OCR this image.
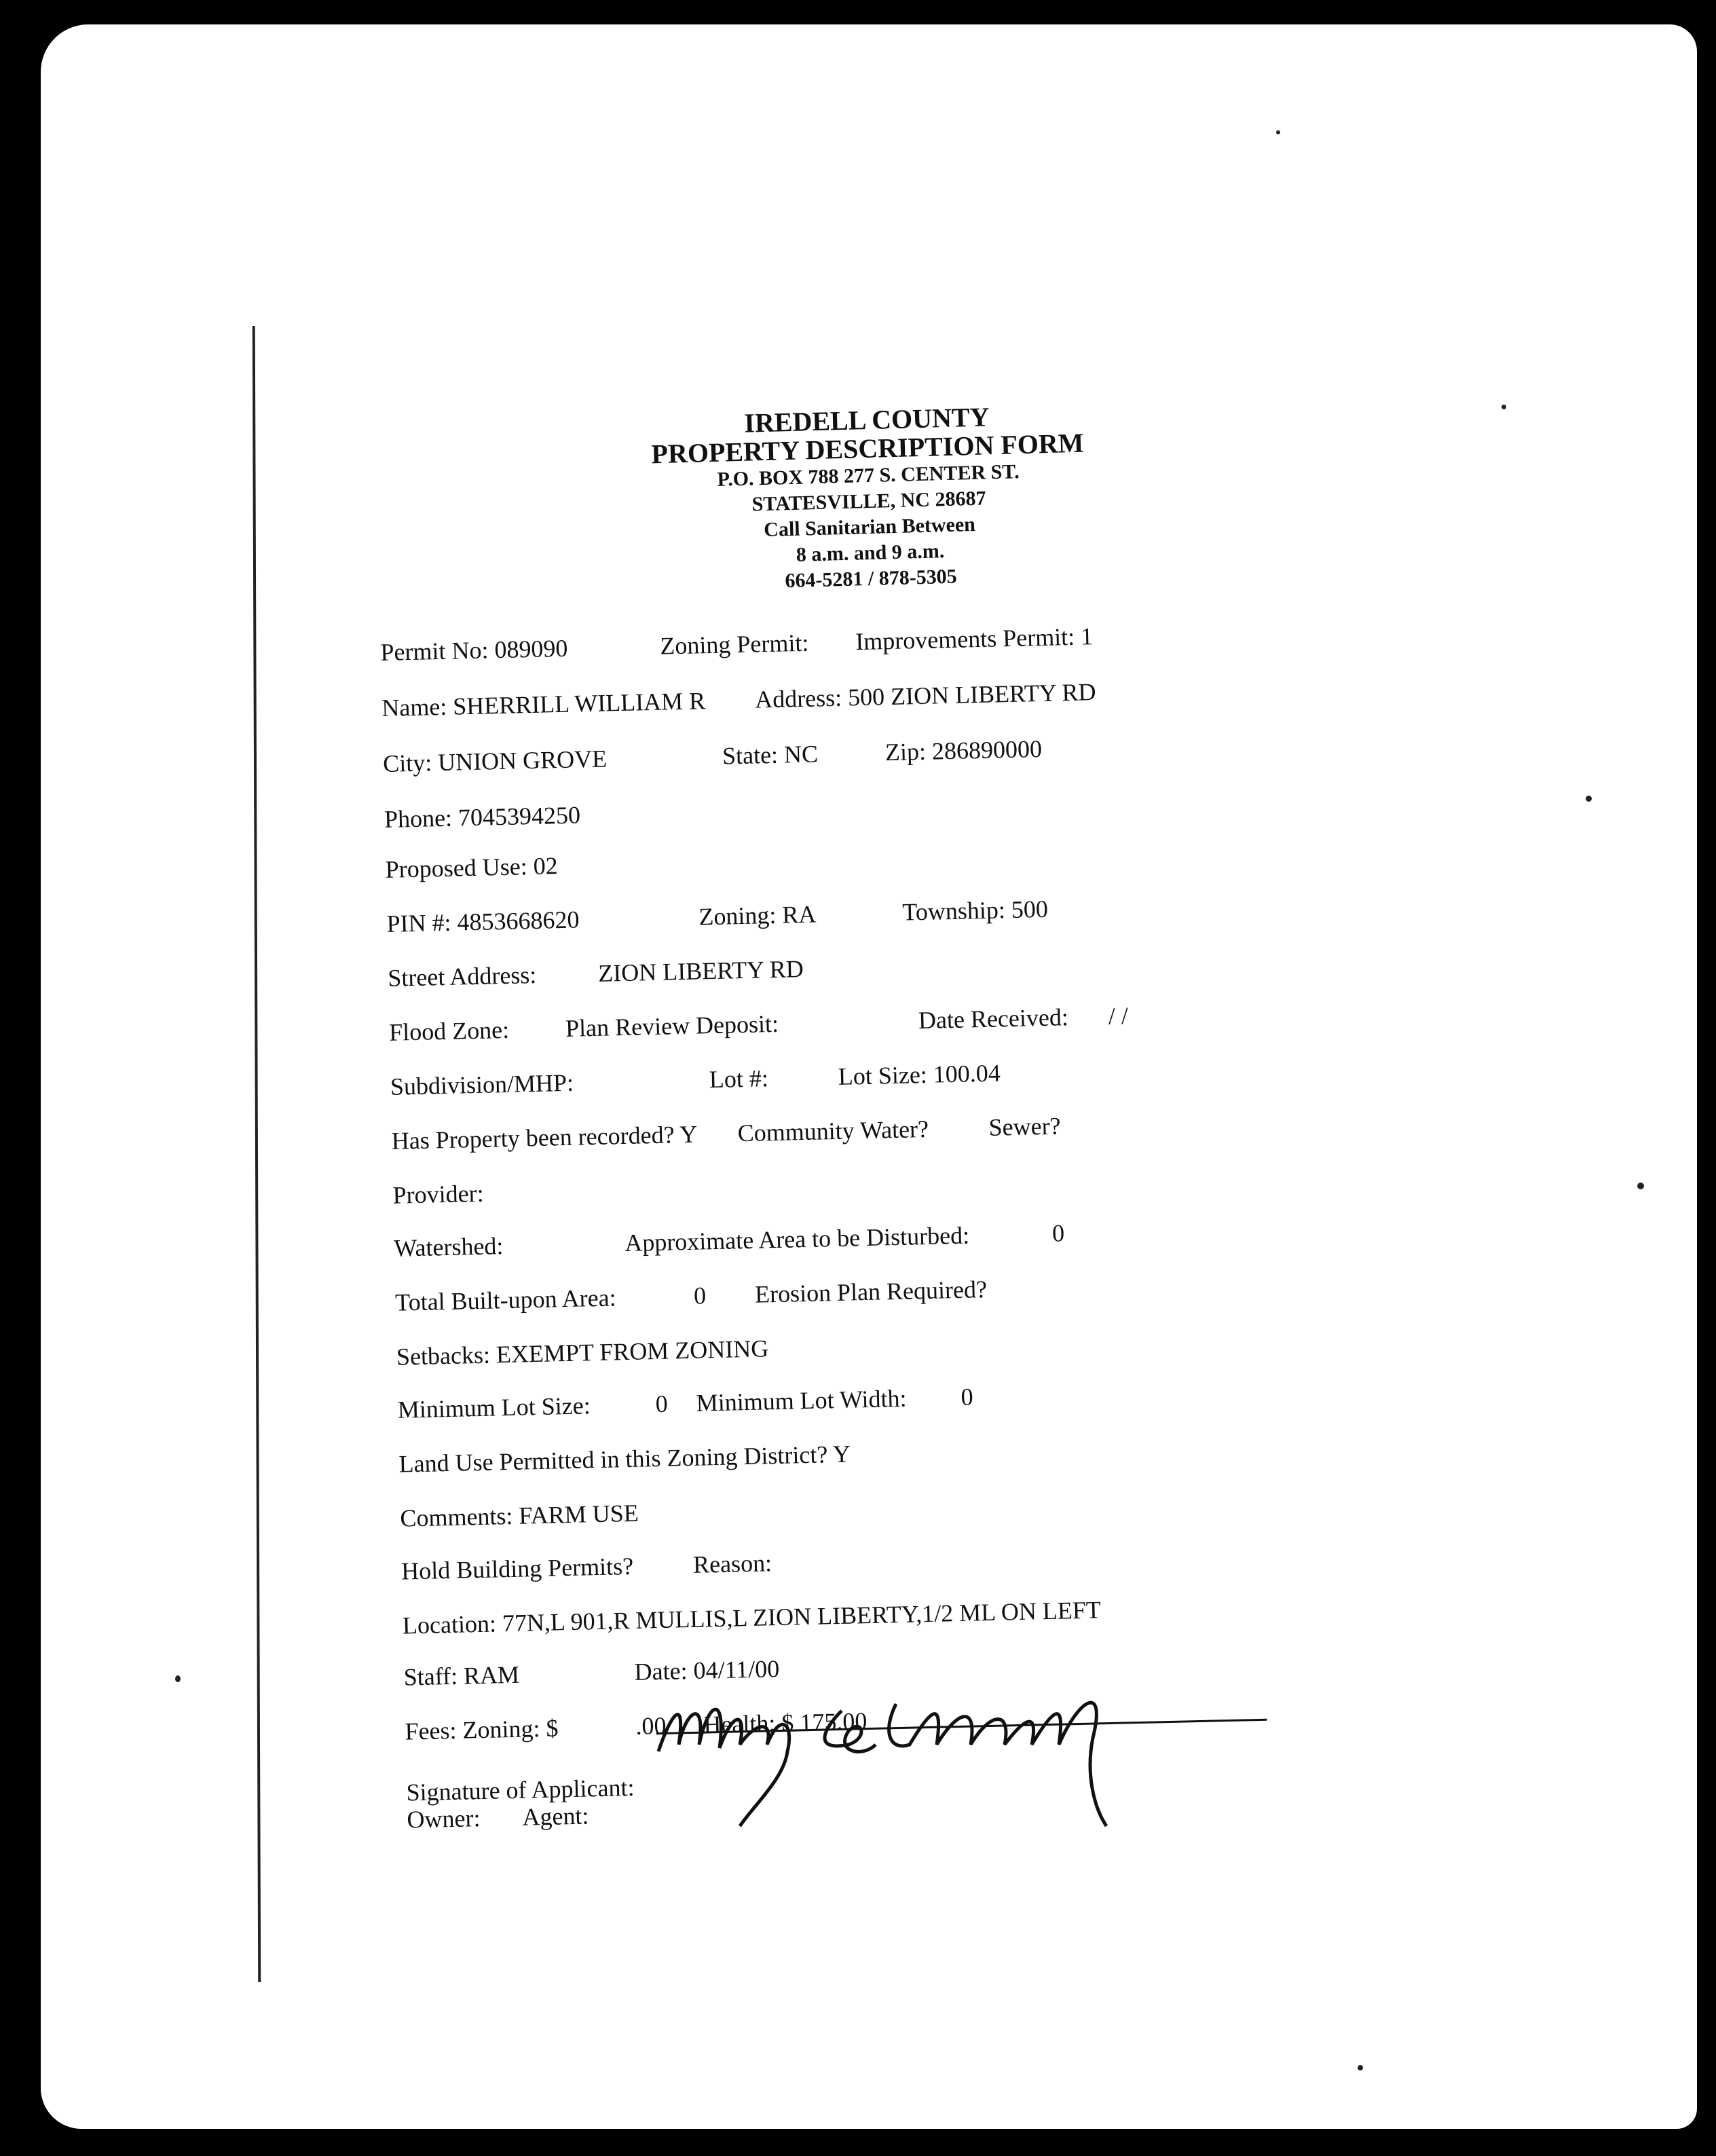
IREDELL COUNTY
PROPERTY DESCRIPTION FORM
P.O. BOX 788 277 S. CENTER ST.
STATESVILLE, NC 28687
Call Sanitarian Between
8 a.m. and 9 a.m.
664-5281 / 878-5305
Permit No: 089090	Zoning Permit: Improvements Permit: 1
Name: SHERRILL WILLIAM R Address: 500 ZION LIBERTY RD
City: UNION GROVE	State: NC	Zip: 286890000
Phone: 7045394250
Proposed Use: 02
PIN #: 4853668620	Zoning: RA	Township: 500
Street Address:	ZION LIBERTY RD
Flood Zone: Plan Review Deposit:	Date Received: / /
Subdivision/MHP:	Lot #:	Lot Size: 100.04
Has Property been recorded? Y Community Water? Sewer?
Provider:
Watershed:	Approximate Area to be Disturbed:	0
Total Built-upon Area:	0 Erosion Plan Required?
Setbacks: EXEMPT FROM ZONING
Minimum Lot Size:	0 Minimum Lot Width: 0
Land Use Permitted in this Zoning District? Y
Comments: FARM USE
Hold Building Permits? Reason:
Location: 77N,L 901,R MULLIS,L ZION LIBERTY,1/2 ML ON LEFT
Staff: RAM	Date: 04/11/00
Fees: Zoning: $	.00 Health: $ 175.00
Signature of Applicant:
Owner: Agent:
